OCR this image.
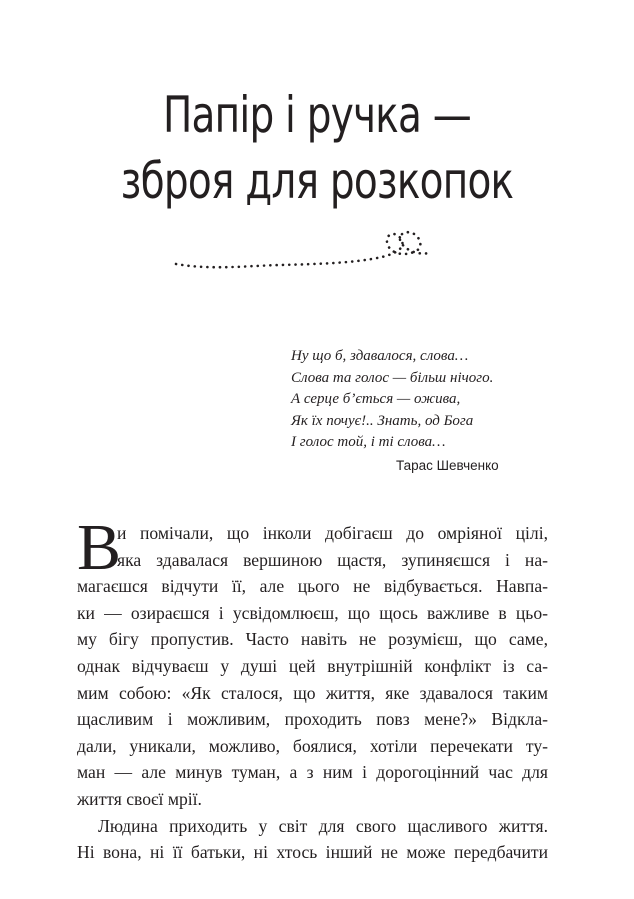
Папір і ручка —
зброя для розкопок
Ну що б, здавалося, слова…
Слова та голос — більш нічого.
А серце б’ється — ожива,
Як їх почує!.. Знать, од Бога
І голос той, і ті слова…
Тарас Шевченко
В
и помічали, що інколи добігаєш до омріяної цілі,
яка здавалася вершиною щастя, зупиняєшся і на-
магаєшся відчути її, але цього не відбувається. Навпа-
ки — озираєшся і усвідомлюєш, що щось важливе в цьо-
му бігу пропустив. Часто навіть не розумієш, що саме,
однак відчуваєш у душі цей внутрішній конфлікт із са-
мим собою: «Як сталося, що життя, яке здавалося таким
щасливим і можливим, проходить повз мене?» Відкла-
дали, уникали, можливо, боялися, хотіли перечекати ту-
ман — але минув туман, а з ним і дорогоцінний час для
життя своєї мрії.
Людина приходить у світ для свого щасливого життя.
Ні вона, ні її батьки, ні хтось інший не може передбачити
